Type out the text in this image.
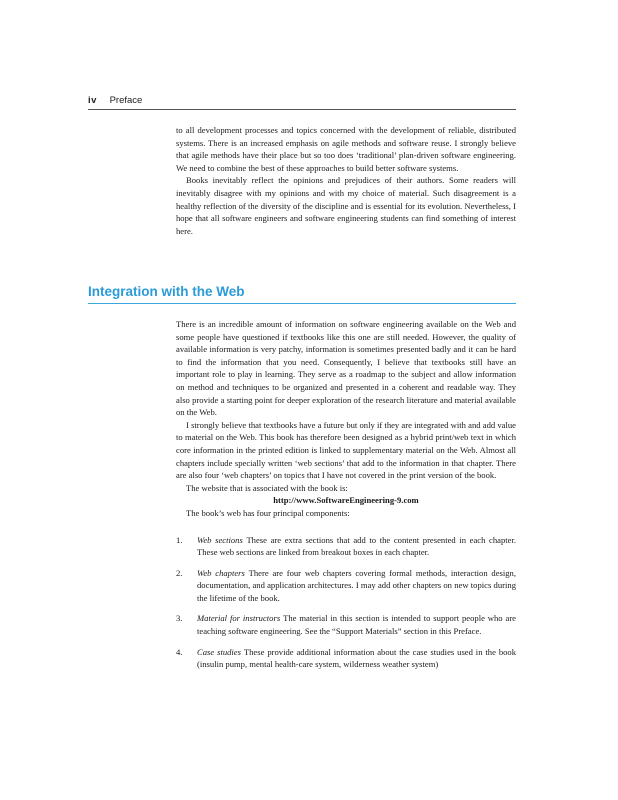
iv Preface

to all development processes and topics concerned with the development of reliable, distributed systems. There is an increased emphasis on agile methods and software reuse. I strongly believe that agile methods have their place but so too does ‘traditional’ plan-driven software engineering. We need to combine the best of these approaches to build better software systems.

Books inevitably reflect the opinions and prejudices of their authors. Some readers will inevitably disagree with my opinions and with my choice of material. Such disagreement is a healthy reflection of the diversity of the discipline and is essential for its evolution. Nevertheless, I hope that all software engineers and software engineering students can find something of interest here.

Integration with the Web

There is an incredible amount of information on software engineering available on the Web and some people have questioned if textbooks like this one are still needed. However, the quality of available information is very patchy, information is sometimes presented badly and it can be hard to find the information that you need. Consequently, I believe that textbooks still have an important role to play in learning. They serve as a roadmap to the subject and allow information on method and techniques to be organized and presented in a coherent and readable way. They also provide a starting point for deeper exploration of the research literature and material available on the Web.

I strongly believe that textbooks have a future but only if they are integrated with and add value to material on the Web. This book has therefore been designed as a hybrid print/web text in which core information in the printed edition is linked to supplementary material on the Web. Almost all chapters include specially written ‘web sections’ that add to the information in that chapter. There are also four ‘web chapters’ on topics that I have not covered in the print version of the book.

The website that is associated with the book is:

http://www.SoftwareEngineering-9.com

The book’s web has four principal components:

1. Web sections These are extra sections that add to the content presented in each chapter. These web sections are linked from breakout boxes in each chapter.
2. Web chapters There are four web chapters covering formal methods, interaction design, documentation, and application architectures. I may add other chapters on new topics during the lifetime of the book.
3. Material for instructors The material in this section is intended to support people who are teaching software engineering. See the “Support Materials” section in this Preface.
4. Case studies These provide additional information about the case studies used in the book (insulin pump, mental health-care system, wilderness weather system)
